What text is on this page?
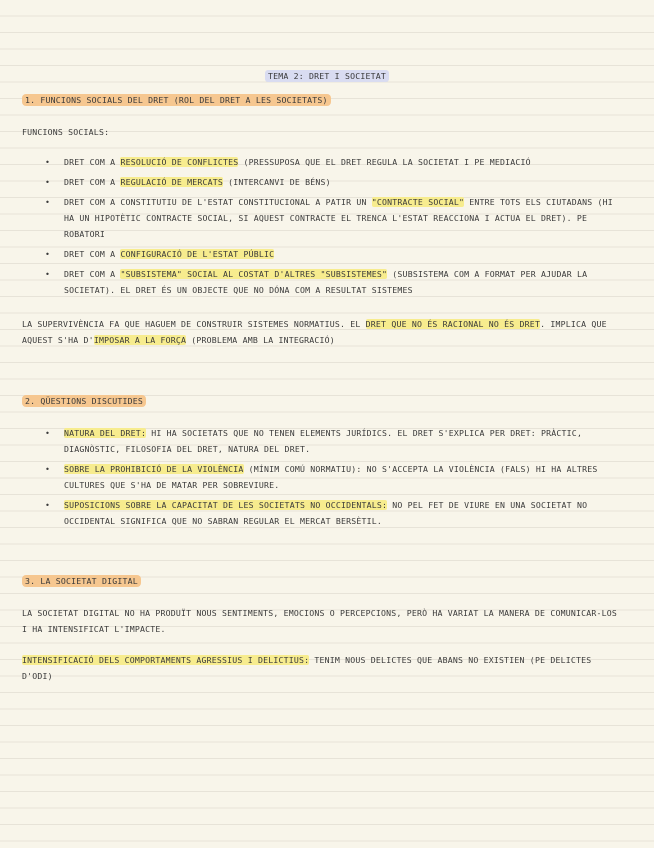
TEMA 2: DRET I SOCIETAT
1. FUNCIONS SOCIALS DEL DRET (ROL DEL DRET A LES SOCIETATS)
FUNCIONS SOCIALS:
• DRET COM A RESOLUCIÓ DE CONFLICTES (PRESSUPOSA QUE EL DRET REGULA LA SOCIETAT I PE MEDIACIÓ
• DRET COM A REGULACIÓ DE MERCATS (INTERCANVI DE BÉNS)
• DRET COM A CONSTITUTIU DE L'ESTAT CONSTITUCIONAL A PATIR UN "CONTRACTE SOCIAL" ENTRE TOTS ELS CIUTADANS (HI HA UN HIPOTÈTIC CONTRACTE SOCIAL, SI AQUEST CONTRACTE EL TRENCA L'ESTAT REACCIONA I ACTUA EL DRET). PE ROBATORI
• DRET COM A CONFIGURACIÓ DE L'ESTAT PÚBLIC
• DRET COM A "SUBSISTEMA" SOCIAL AL COSTAT D'ALTRES "SUBSISTEMES" (SUBSISTEMA COM A FORMAT PER AJUDAR LA SOCIETAT). EL DRET ÉS UN OBJECTE QUE NO DÓNA COM A RESULTAT SISTEMES
LA SUPERVIVÈNCIA FA QUE HAGUEM DE CONSTRUIR SISTEMES NORMATIUS. EL DRET QUE NO ÉS RACIONAL NO ÉS DRET. IMPLICA QUE AQUEST S'HA D'IMPOSAR A LA FORÇA (PROBLEMA AMB LA INTEGRACIÓ)
2. QÜESTIONS DISCUTIDES
• NATURA DEL DRET: HI HA SOCIETATS QUE NO TENEN ELEMENTS JURÍDICS. EL DRET S'EXPLICA PER DRET: PRÀCTIC, DIAGNÒSTIC, FILOSOFIA DEL DRET, NATURA DEL DRET.
• SOBRE LA PROHIBICIÓ DE LA VIOLÈNCIA (MÍNIM COMÚ NORMATIU): NO S'ACCEPTA LA VIOLÈNCIA (FALS) HI HA ALTRES CULTURES QUE S'HA DE MATAR PER SOBREVIURE.
• SUPOSICIONS SOBRE LA CAPACITAT DE LES SOCIETATS NO OCCIDENTALS: NO PEL FET DE VIURE EN UNA SOCIETAT NO OCCIDENTAL SIGNIFICA QUE NO SABRAN REGULAR EL MERCAT BERSÈTIL.
3. LA SOCIETAT DIGITAL
LA SOCIETAT DIGITAL NO HA PRODUÏT NOUS SENTIMENTS, EMOCIONS O PERCEPCIONS, PERÒ HA VARIAT LA MANERA DE COMUNICAR-LOS I HA INTENSIFICAT L'IMPACTE.
INTENSIFICACIÓ DELS COMPORTAMENTS AGRESSIUS I DELICTIUS: TENIM NOUS DELICTES QUE ABANS NO EXISTIEN (PE DELICTES D'ODI)
